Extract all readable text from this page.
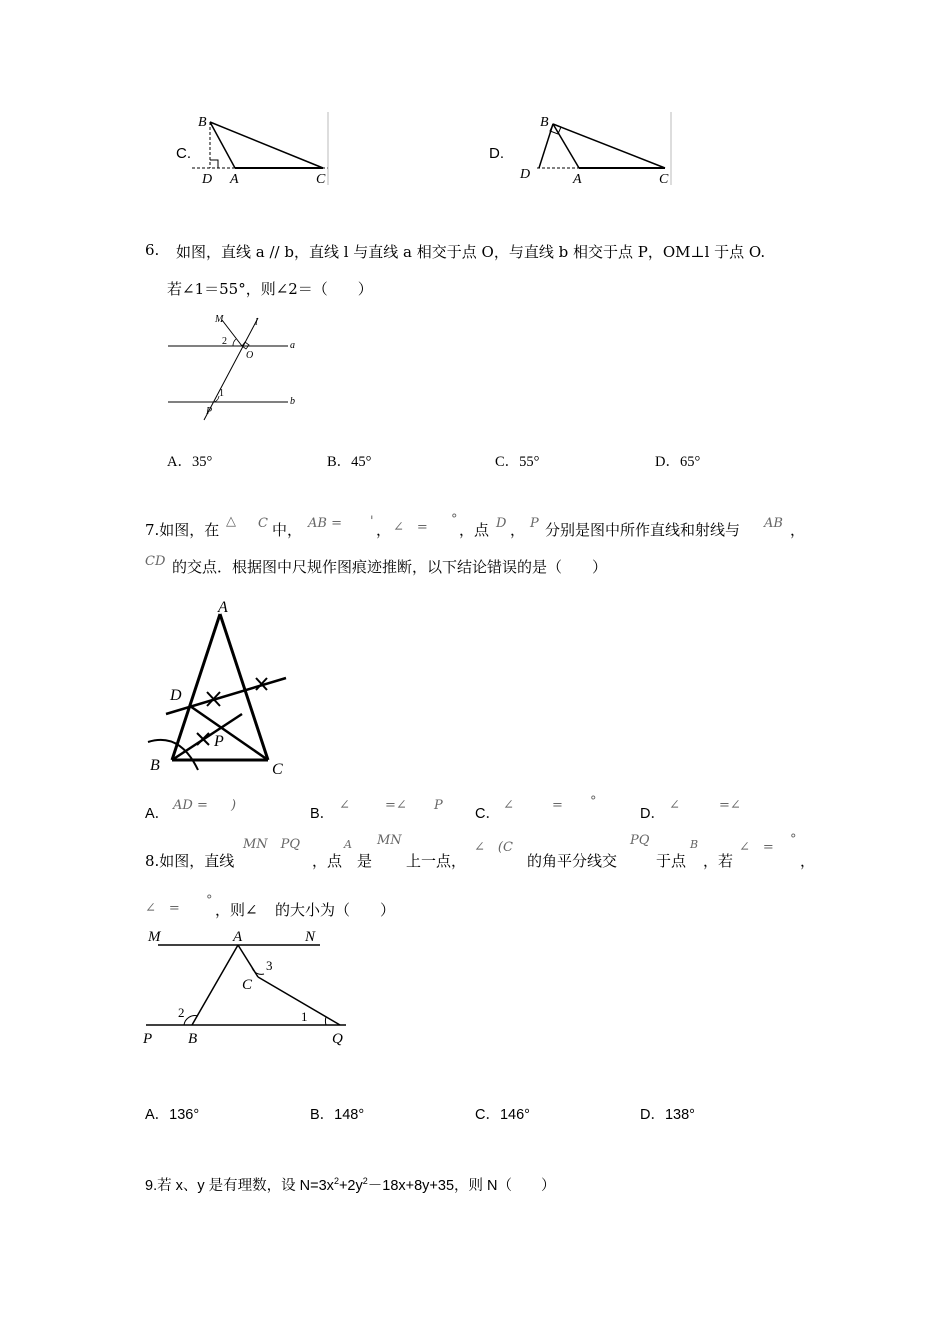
C.
B
D A	C
D.
B
D	A	C
6. 如图，直线 a // b，直线 l 与直线 a 相交于点 O，与直线 b 相交于点 P，OM⊥l 于点 O.
若∠1＝55°，则∠2＝（　　）
M	l
a
b
O
P
1
2
A．35°	B．45°	C．55°	D．65°
7.如图，在 △ C 中， AB = ' ， ∠　=
°
，点 D ， P 分别是图中所作直线和射线与 AB ，
CD 的交点．根据图中尺规作图痕迹推断，以下结论错误的是（　　）
A
D
B	C
P
A．
AD = )
B．
∠	=∠ P
C．
∠	= °
D．
∠	=∠
8.如图，直线
MN　PQ
，点
A
是
MN
上一点，
∠　(C
的角平分线交
PQ
于点
B
，若
∠　=
°
，
∠　=
°
，则∠ 的大小为（　　）
M	A	N
C
3
2	1
P B	Q
A．136°	B．148°	C．146°	D．138°
9.若 x、y 是有理数，设 $N=3x^2+2y^2-18x+8y+35$，则 N（　　）
